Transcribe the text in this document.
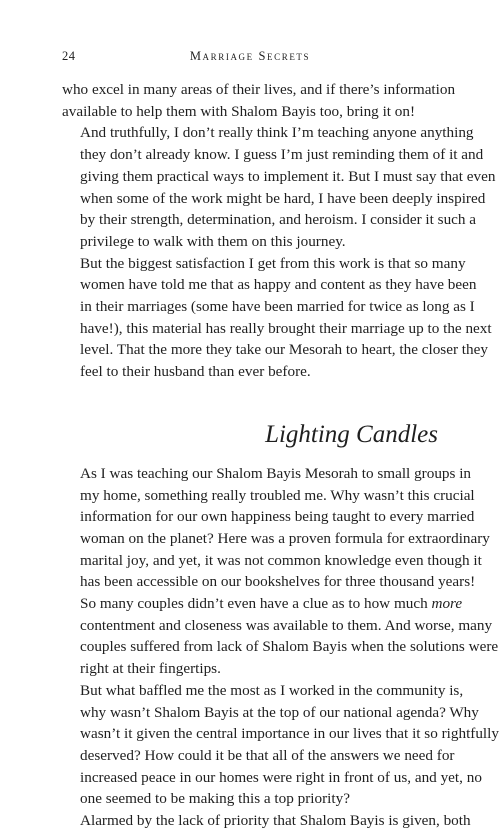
24	Marriage Secrets

who excel in many areas of their lives, and if there’s information
available to help them with Shalom Bayis too, bring it on!

And truthfully, I don’t really think I’m teaching anyone anything
they don’t already know. I guess I’m just reminding them of it and
giving them practical ways to implement it. But I must say that even
when some of the work might be hard, I have been deeply inspired
by their strength, determination, and heroism. I consider it such a
privilege to walk with them on this journey.

But the biggest satisfaction I get from this work is that so many
women have told me that as happy and content as they have been
in their marriages (some have been married for twice as long as I
have!), this material has really brought their marriage up to the next
level. That the more they take our Mesorah to heart, the closer they
feel to their husband than ever before.

Lighting Candles

As I was teaching our Shalom Bayis Mesorah to small groups in
my home, something really troubled me. Why wasn’t this crucial
information for our own happiness being taught to every married
woman on the planet? Here was a proven formula for extraordinary
marital joy, and yet, it was not common knowledge even though it
has been accessible on our bookshelves for three thousand years!
So many couples didn’t even have a clue as to how much more
contentment and closeness was available to them. And worse, many
couples suffered from lack of Shalom Bayis when the solutions were
right at their fingertips.

But what baffled me the most as I worked in the community is,
why wasn’t Shalom Bayis at the top of our national agenda? Why
wasn’t it given the central importance in our lives that it so rightfully
deserved? How could it be that all of the answers we need for
increased peace in our homes were right in front of us, and yet, no
one seemed to be making this a top priority?

Alarmed by the lack of priority that Shalom Bayis is given, both
